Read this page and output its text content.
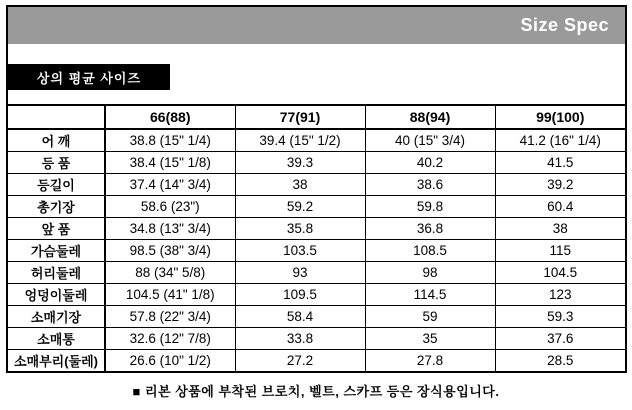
Size Spec
상의 평균 사이즈
	66(88)	77(91)	88(94)	99(100)
어 깨	38.8 (15" 1/4)	39.4 (15" 1/2)	40 (15" 3/4)	41.2 (16" 1/4)
등 품	38.4 (15" 1/8)	39.3	40.2	41.5
등길이	37.4 (14" 3/4)	38	38.6	39.2
총기장	58.6 (23")	59.2	59.8	60.4
앞 품	34.8 (13" 3/4)	35.8	36.8	38
가슴둘레	98.5 (38" 3/4)	103.5	108.5	115
허리둘레	88 (34" 5/8)	93	98	104.5
엉덩이둘레	104.5 (41" 1/8)	109.5	114.5	123
소매기장	57.8 (22" 3/4)	58.4	59	59.3
소매통	32.6 (12" 7/8)	33.8	35	37.6
소매부리(둘레)	26.6 (10" 1/2)	27.2	27.8	28.5
■ 리본 상품에 부착된 브로치, 벨트, 스카프 등은 장식용입니다.
